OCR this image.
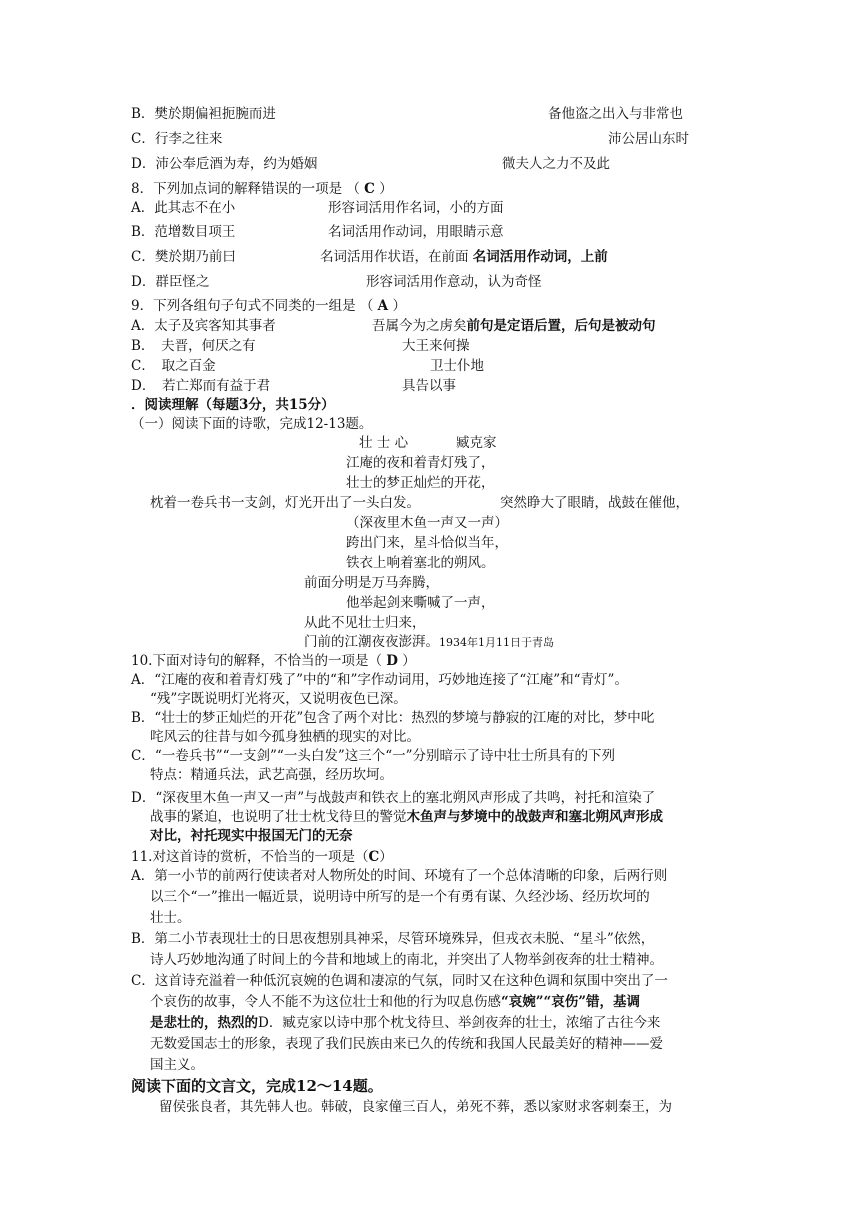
B．樊於期偏袒扼腕而进	备他盗之出入与非常也
C．行李之往来	沛公居山东时
D．沛公奉卮酒为寿，约为婚姻	微夫人之力不及此
8．下列加点词的解释错误的一项是 （ C ）
A．此其志不在小	形容词活用作名词，小的方面
B．范增数目项王	名词活用作动词，用眼睛示意
C．樊於期乃前曰	名词活用作状语，在前面 名词活用作动词，上前
D．群臣怪之	形容词活用作意动，认为奇怪
9．下列各组句子句式不同类的一组是 （ A ）
A．太子及宾客知其事者	吾属今为之虏矣前句是定语后置，后句是被动句
B．　夫晋，何厌之有	大王来何操
C．　取之百金	卫士仆地
D．　若亡郑而有益于君	具告以事
．阅读理解（每题3分，共15分）
（一）阅读下面的诗歌，完成12-13题。
壮 士 心	臧克家
江庵的夜和着青灯残了，
壮士的梦正灿烂的开花，
枕着一卷兵书一支剑，灯光开出了一头白发。	突然睁大了眼睛，战鼓在催他，
（深夜里木鱼一声又一声）
跨出门来，星斗恰似当年，
铁衣上响着塞北的朔风。
前面分明是万马奔腾，
他举起剑来嘶喊了一声，
从此不见壮士归来，
门前的江潮夜夜澎湃。1934年1月11日于青岛
10.下面对诗句的解释，不恰当的一项是（ D ）
A．“江庵的夜和着青灯残了”中的“和”字作动词用，巧妙地连接了“江庵”和“青灯”。
“残”字既说明灯光将灭，又说明夜色已深。
B．“壮士的梦正灿烂的开花”包含了两个对比：热烈的梦境与静寂的江庵的对比，梦中叱
咤风云的往昔与如今孤身独栖的现实的对比。
C．“一卷兵书”“一支剑”“一头白发”这三个“一”分别暗示了诗中壮士所具有的下列
特点：精通兵法，武艺高强，经历坎坷。
D．“深夜里木鱼一声又一声”与战鼓声和铁衣上的塞北朔风声形成了共鸣，衬托和渲染了
战事的紧迫，也说明了壮士枕戈待旦的警觉木鱼声与梦境中的战鼓声和塞北朔风声形成
对比，衬托现实中报国无门的无奈
11.对这首诗的赏析，不恰当的一项是（C）
A．第一小节的前两行使读者对人物所处的时间、环境有了一个总体清晰的印象，后两行则
以三个“一”推出一幅近景，说明诗中所写的是一个有勇有谋、久经沙场、经历坎坷的
壮士。
B．第二小节表现壮士的日思夜想别具神采，尽管环境殊异，但戎衣未脱、“星斗”依然，
诗人巧妙地沟通了时间上的今昔和地域上的南北，并突出了人物举剑夜奔的壮士精神。
C．这首诗充溢着一种低沉哀婉的色调和凄凉的气氛，同时又在这种色调和氛围中突出了一
个哀伤的故事，令人不能不为这位壮士和他的行为叹息伤感“哀婉”“哀伤”错，基调
是悲壮的，热烈的D．臧克家以诗中那个枕戈待旦、举剑夜奔的壮士，浓缩了古往今来
无数爱国志士的形象，表现了我们民族由来已久的传统和我国人民最美好的精神——爱
国主义。
阅读下面的文言文，完成12～14题。
留侯张良者，其先韩人也。韩破，良家僮三百人，弟死不葬，悉以家财求客刺秦王，为
